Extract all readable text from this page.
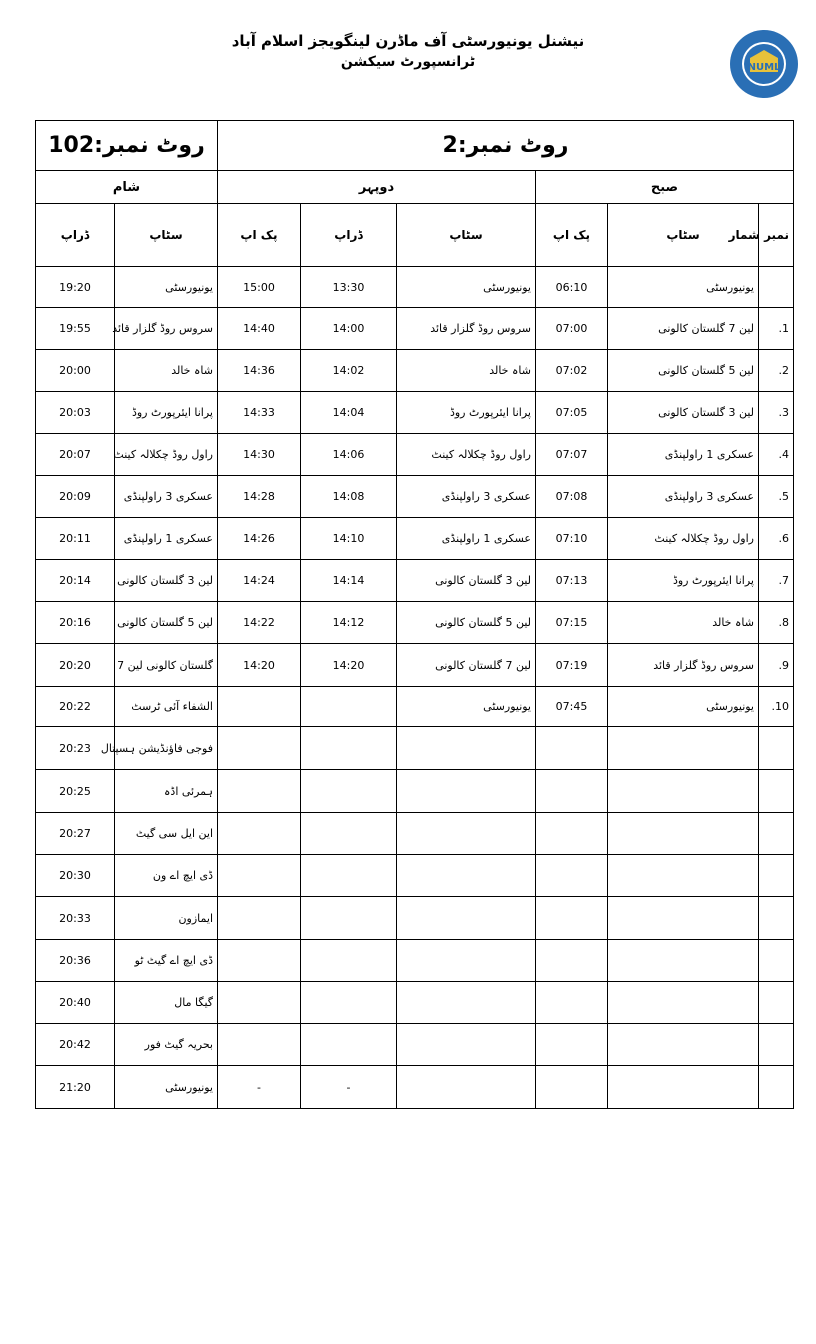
نیشنل یونیورسٹی آف ماڈرن لینگویجز اسلام آباد
ٹرانسپورٹ سیکشن	NUML
روٹ نمبر:102		روٹ نمبر:2					
شام		دوپہر			صبح		
ڈراپ	سٹاپ	پک اپ	ڈراپ	سٹاپ	پک اپ	سٹاپ	نمبر شمار
19:20	یونیورسٹی	15:00	13:30	یونیورسٹی	06:10	یونیورسٹی	
19:55	سروس روڈ گلزار قائد	14:40	14:00	سروس روڈ گلزار قائد	07:00	لین 7 گلستان کالونی	1.
20:00	شاہ خالد	14:36	14:02	شاہ خالد	07:02	لین 5 گلستان کالونی	2.
20:03	پرانا ایئرپورٹ روڈ	14:33	14:04	پرانا ایئرپورٹ روڈ	07:05	لین 3 گلستان کالونی	3.
20:07	راول روڈ چکلالہ کینٹ	14:30	14:06	راول روڈ چکلالہ کینٹ	07:07	عسکری 1 راولپنڈی	4.
20:09	عسکری 3 راولپنڈی	14:28	14:08	عسکری 3 راولپنڈی	07:08	عسکری 3 راولپنڈی	5.
20:11	عسکری 1 راولپنڈی	14:26	14:10	عسکری 1 راولپنڈی	07:10	راول روڈ چکلالہ کینٹ	6.
20:14	لین 3 گلستان کالونی	14:24	14:14	لین 3 گلستان کالونی	07:13	پرانا ایئرپورٹ روڈ	7.
20:16	لین 5 گلستان کالونی	14:22	14:12	لین 5 گلستان کالونی	07:15	شاہ خالد	8.
20:20	گلستان کالونی لین 7	14:20	14:20	لین 7 گلستان کالونی	07:19	سروس روڈ گلزار قائد	9.
20:22	الشفاء آئی ٹرسٹ			یونیورسٹی	07:45	یونیورسٹی	10.
20:23	فوجی فاؤنڈیشن ہسپتال						
20:25	ہمرئی اڈہ						
20:27	این ایل سی گیٹ						
20:30	ڈی ایچ اے ون						
20:33	ایمازون						
20:36	ڈی ایچ اے گیٹ ٹو						
20:40	گیگا مال						
20:42	بحریہ گیٹ فور						
21:20	یونیورسٹی	-	-				
